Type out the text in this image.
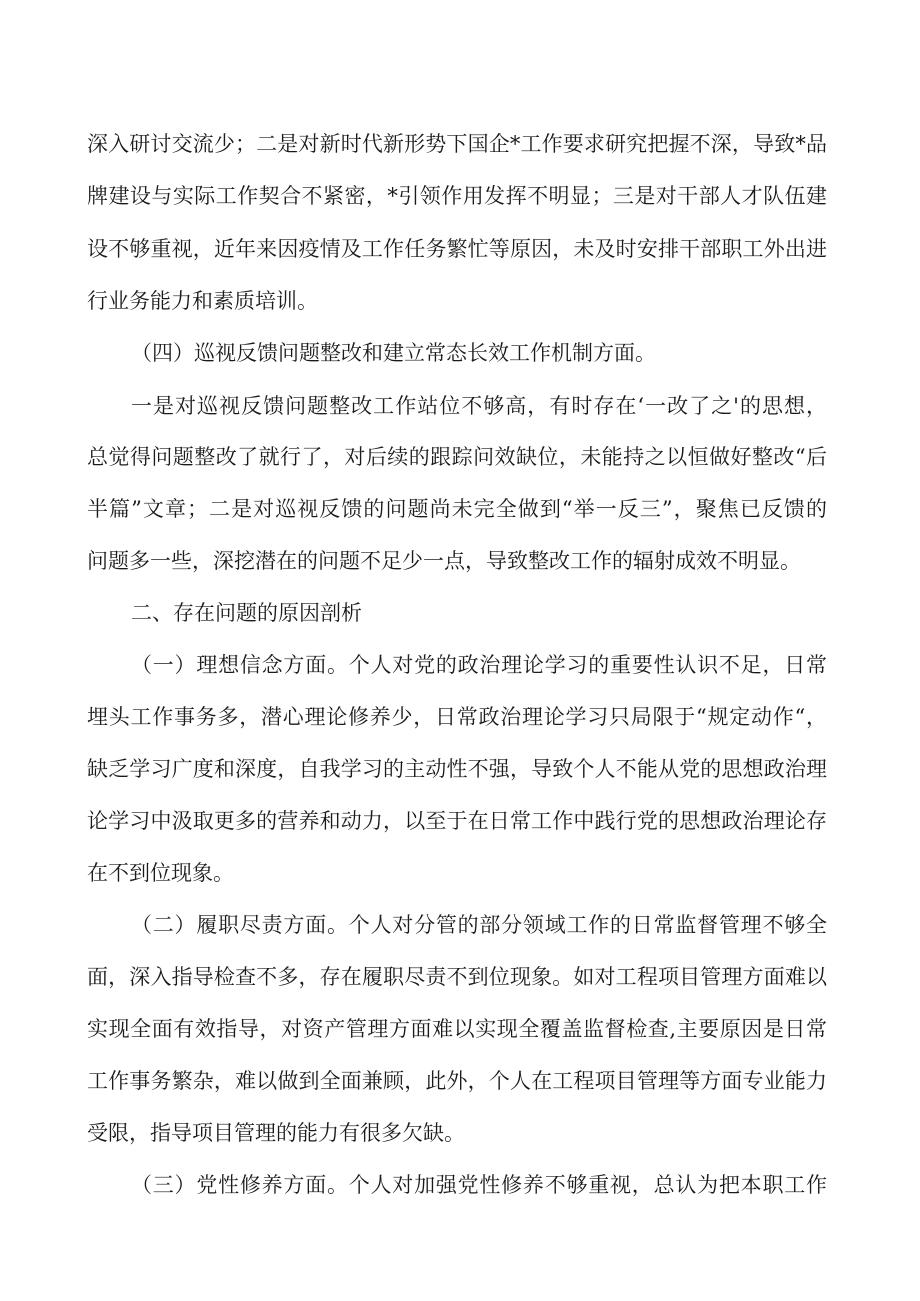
深入研讨交流少；二是对新时代新形势下国企*工作要求研究把握不深，导致*品
牌建设与实际工作契合不紧密，*引领作用发挥不明显；三是对干部人才队伍建
设不够重视，近年来因疫情及工作任务繁忙等原因，未及时安排干部职工外出进
行业务能力和素质培训。
（四）巡视反馈问题整改和建立常态长效工作机制方面。
一是对巡视反馈问题整改工作站位不够高，有时存在‘一改了之'的思想，
总觉得问题整改了就行了，对后续的跟踪问效缺位，未能持之以恒做好整改“后
半篇”文章；二是对巡视反馈的问题尚未完全做到“举一反三”，聚焦已反馈的
问题多一些，深挖潜在的问题不足少一点，导致整改工作的辐射成效不明显。
二、存在问题的原因剖析
（一）理想信念方面。个人对党的政治理论学习的重要性认识不足，日常
埋头工作事务多，潜心理论修养少，日常政治理论学习只局限于“规定动作“，
缺乏学习广度和深度，自我学习的主动性不强，导致个人不能从党的思想政治理
论学习中汲取更多的营养和动力，以至于在日常工作中践行党的思想政治理论存
在不到位现象。
（二）履职尽责方面。个人对分管的部分领域工作的日常监督管理不够全
面，深入指导检查不多，存在履职尽责不到位现象。如对工程项目管理方面难以
实现全面有效指导，对资产管理方面难以实现全覆盖监督检查,主要原因是日常
工作事务繁杂，难以做到全面兼顾，此外，个人在工程项目管理等方面专业能力
受限，指导项目管理的能力有很多欠缺。
（三）党性修养方面。个人对加强党性修养不够重视，总认为把本职工作
